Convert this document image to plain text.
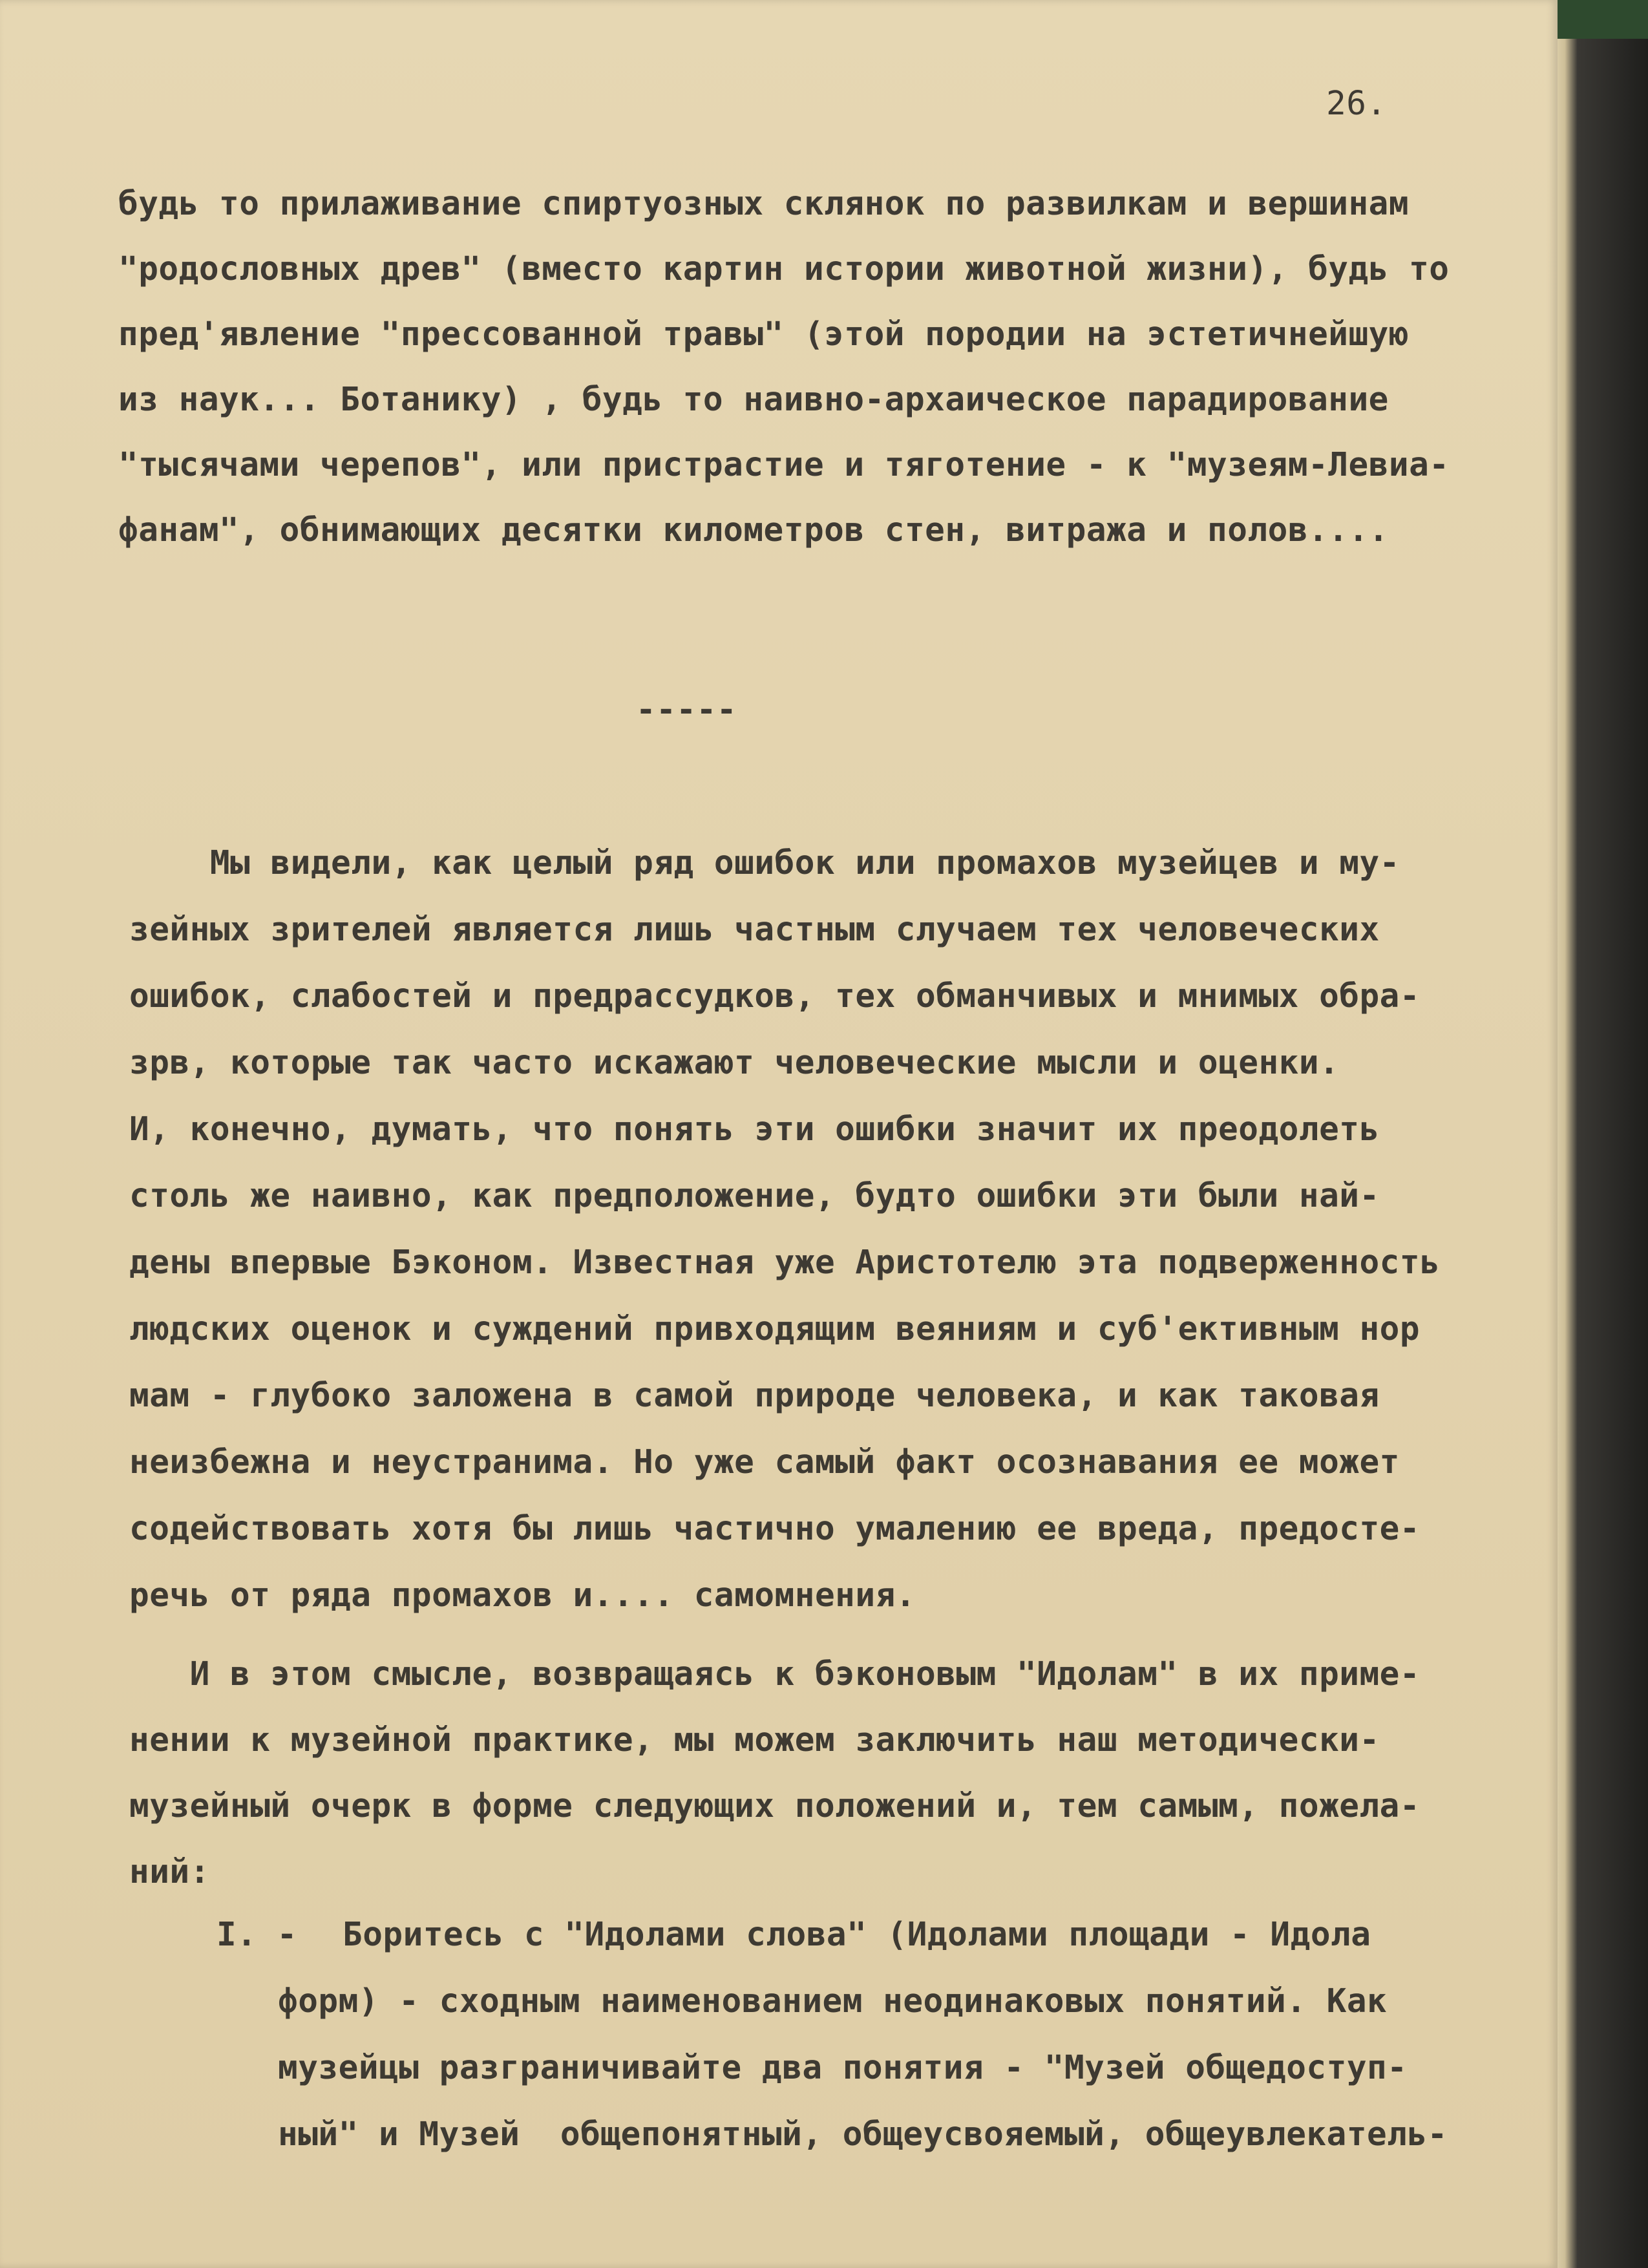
26.
будь то прилаживание спиртуозных склянок по развилкам и вершинам
"родословных древ" (вместо картин истории животной жизни), будь то
пред'явление "прессованной травы" (этой породии на эстетичнейшую
из наук... Ботанику) , будь то наивно-архаическое парадирование
"тысячами черепов", или пристрастие и тяготение - к "музеям-Левиа-
фанам", обнимающих десятки километров стен, витража и полов....
-----
Мы видели, как целый ряд ошибок или промахов музейцев и му-
зейных зрителей является лишь частным случаем тех человеческих
ошибок, слабостей и предрассудков, тех обманчивых и мнимых обра-
зрв, которые так часто искажают человеческие мысли и оценки.
И, конечно, думать, что понять эти ошибки значит их преодолеть
столь же наивно, как предположение, будто ошибки эти были най-
дены впервые Бэконом. Известная уже Аристотелю эта подверженность
людских оценок и суждений привходящим веяниям и суб'ективным нор
мам - глубоко заложена в самой природе человека, и как таковая
неизбежна и неустранима. Но уже самый факт осознавания ее может
содействовать хотя бы лишь частично умалению ее вреда, предосте-
речь от ряда промахов и.... самомнения.
И в этом смысле, возвращаясь к бэконовым "Идолам" в их приме-
нении к музейной практике, мы можем заключить наш методически-
музейный очерк в форме следующих положений и, тем самым, пожела-
ний:
I. - Боритесь с "Идолами слова" (Идолами площади - Идола
форм) - сходным наименованием неодинаковых понятий. Как
музейцы разграничивайте два понятия - "Музей общедоступ-
ный" и Музей  общепонятный, общеусвояемый, общеувлекатель-
